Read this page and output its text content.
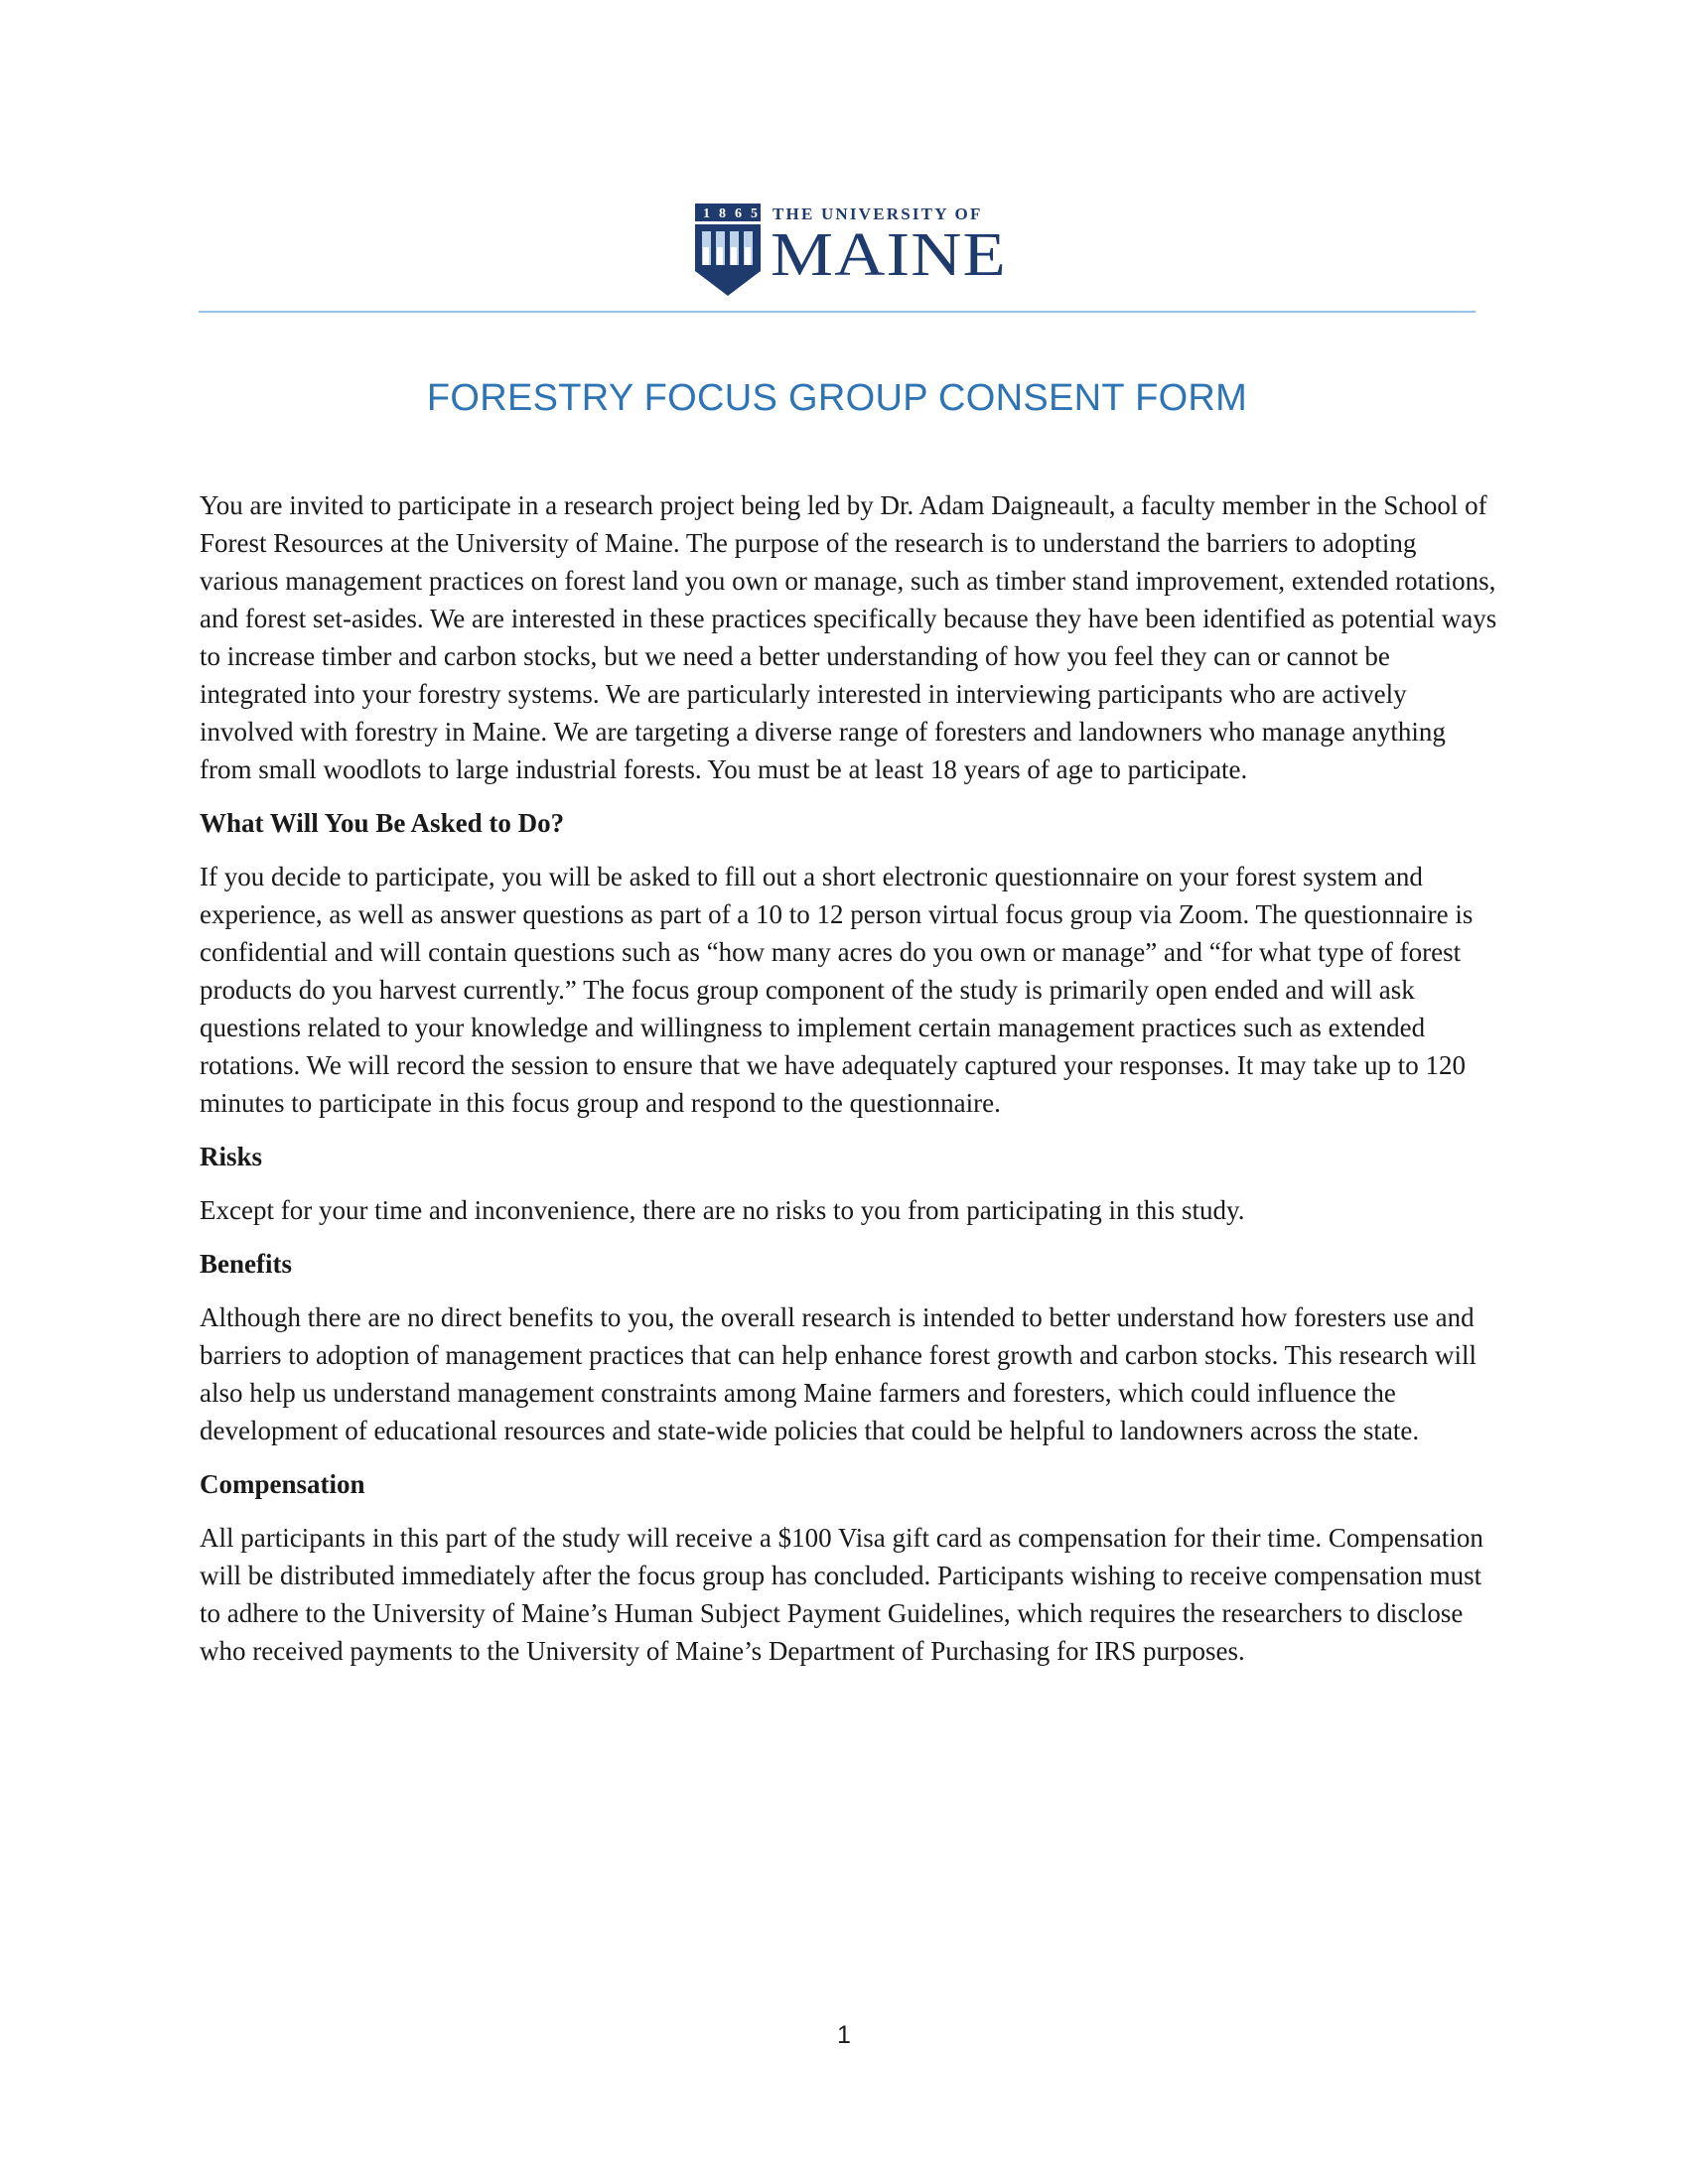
1 8 6 5 THE UNIVERSITY OF
MAINE
FORESTRY FOCUS GROUP CONSENT FORM

You are invited to participate in a research project being led by Dr. Adam Daigneault, a faculty member in the School of Forest Resources at the University of Maine. The purpose of the research is to understand the barriers to adopting various management practices on forest land you own or manage, such as timber stand improvement, extended rotations, and forest set-asides. We are interested in these practices specifically because they have been identified as potential ways to increase timber and carbon stocks, but we need a better understanding of how you feel they can or cannot be integrated into your forestry systems. We are particularly interested in interviewing participants who are actively involved with forestry in Maine. We are targeting a diverse range of foresters and landowners who manage anything from small woodlots to large industrial forests. You must be at least 18 years of age to participate.

What Will You Be Asked to Do?

If you decide to participate, you will be asked to fill out a short electronic questionnaire on your forest system and experience, as well as answer questions as part of a 10 to 12 person virtual focus group via Zoom. The questionnaire is confidential and will contain questions such as “how many acres do you own or manage” and “for what type of forest products do you harvest currently.” The focus group component of the study is primarily open ended and will ask questions related to your knowledge and willingness to implement certain management practices such as extended rotations. We will record the session to ensure that we have adequately captured your responses. It may take up to 120 minutes to participate in this focus group and respond to the questionnaire.

Risks

Except for your time and inconvenience, there are no risks to you from participating in this study.

Benefits

Although there are no direct benefits to you, the overall research is intended to better understand how foresters use and barriers to adoption of management practices that can help enhance forest growth and carbon stocks. This research will also help us understand management constraints among Maine farmers and foresters, which could influence the development of educational resources and state-wide policies that could be helpful to landowners across the state.

Compensation

All participants in this part of the study will receive a $100 Visa gift card as compensation for their time. Compensation will be distributed immediately after the focus group has concluded. Participants wishing to receive compensation must to adhere to the University of Maine’s Human Subject Payment Guidelines, which requires the researchers to disclose who received payments to the University of Maine’s Department of Purchasing for IRS purposes.

1
